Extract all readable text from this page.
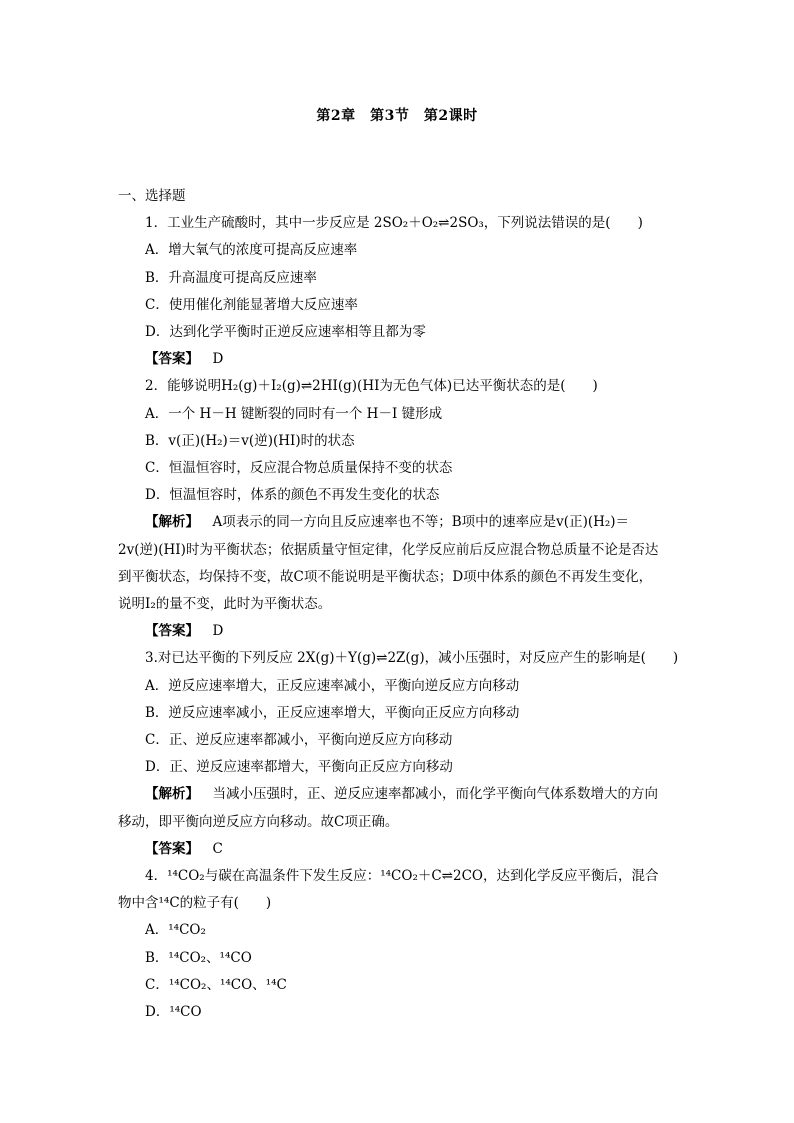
第2章　第3节　第2课时
一、选择题
1．工业生产硫酸时，其中一步反应是 2SO₂＋O₂⇌2SO₃，下列说法错误的是(　　)
A．增大氧气的浓度可提高反应速率
B．升高温度可提高反应速率
C．使用催化剂能显著增大反应速率
D．达到化学平衡时正逆反应速率相等且都为零
【答案】 D
2．能够说明H₂(g)＋I₂(g)⇌2HI(g)(HI为无色气体)已达平衡状态的是(　　)
A．一个 H－H 键断裂的同时有一个 H－I 键形成
B．v(正)(H₂)＝v(逆)(HI)时的状态
C．恒温恒容时，反应混合物总质量保持不变的状态
D．恒温恒容时，体系的颜色不再发生变化的状态
【解析】 A项表示的同一方向且反应速率也不等；B项中的速率应是v(正)(H₂)＝
2v(逆)(HI)时为平衡状态；依据质量守恒定律，化学反应前后反应混合物总质量不论是否达
到平衡状态，均保持不变，故C项不能说明是平衡状态；D项中体系的颜色不再发生变化，
说明I₂的量不变，此时为平衡状态。
【答案】 D
3.对已达平衡的下列反应 2X(g)＋Y(g)⇌2Z(g)，减小压强时，对反应产生的影响是(　　)
A．逆反应速率增大，正反应速率减小，平衡向逆反应方向移动
B．逆反应速率减小，正反应速率增大，平衡向正反应方向移动
C．正、逆反应速率都减小，平衡向逆反应方向移动
D．正、逆反应速率都增大，平衡向正反应方向移动
【解析】 当减小压强时，正、逆反应速率都减小，而化学平衡向气体系数增大的方向
移动，即平衡向逆反应方向移动。故C项正确。
【答案】 C
4．¹⁴CO₂与碳在高温条件下发生反应：¹⁴CO₂＋C⇌2CO，达到化学反应平衡后，混合
物中含¹⁴C的粒子有(　　)
A．¹⁴CO₂
B．¹⁴CO₂、¹⁴CO
C．¹⁴CO₂、¹⁴CO、¹⁴C
D．¹⁴CO
